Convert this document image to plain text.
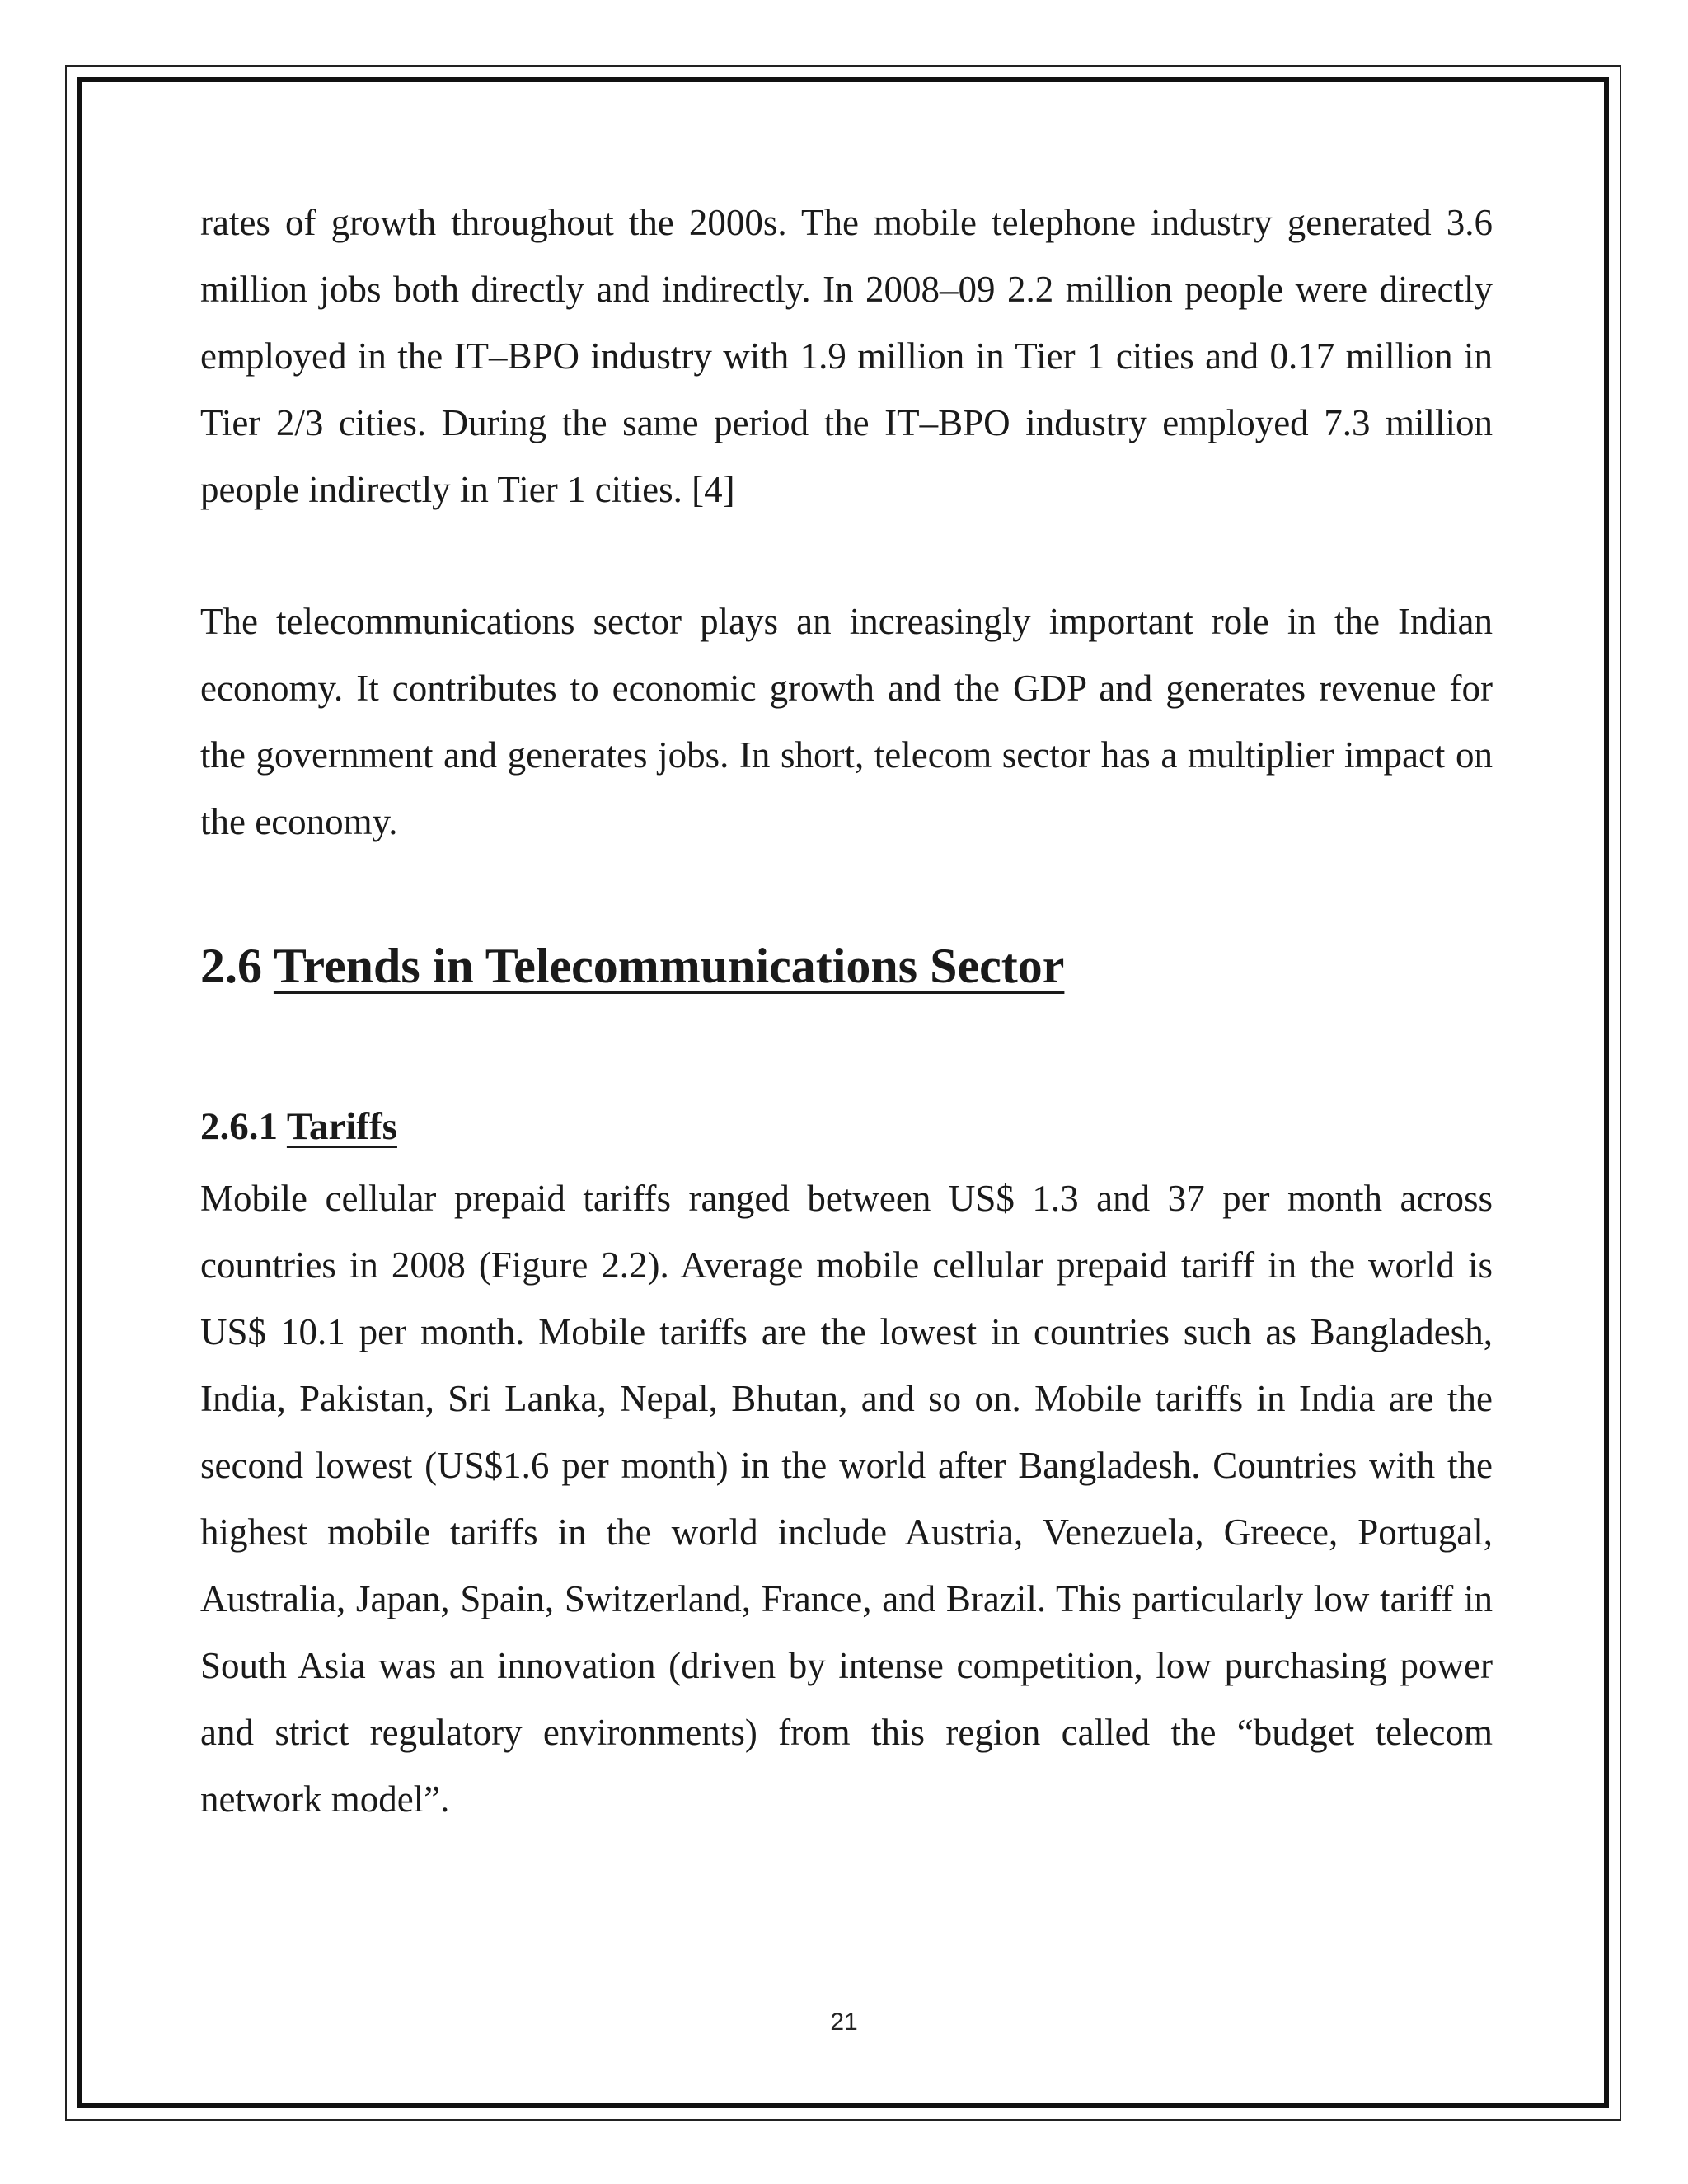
rates of growth throughout the 2000s. The mobile telephone industry generated 3.6 million jobs both directly and indirectly. In 2008–09 2.2 million people were directly employed in the IT–BPO industry with 1.9 million in Tier 1 cities and 0.17 million in Tier 2/3 cities. During the same period the IT–BPO industry employed 7.3 million people indirectly in Tier 1 cities. [4]

The telecommunications sector plays an increasingly important role in the Indian economy. It contributes to economic growth and the GDP and generates revenue for the government and generates jobs. In short, telecom sector has a multiplier impact on the economy.

2.6 Trends in Telecommunications Sector
2.6.1 Tariffs

Mobile cellular prepaid tariffs ranged between US$ 1.3 and 37 per month across countries in 2008 (Figure 2.2). Average mobile cellular prepaid tariff in the world is US$ 10.1 per month. Mobile tariffs are the lowest in countries such as Bangladesh, India, Pakistan, Sri Lanka, Nepal, Bhutan, and so on. Mobile tariffs in India are the second lowest (US$1.6 per month) in the world after Bangladesh. Countries with the highest mobile tariffs in the world include Austria, Venezuela, Greece, Portugal, Australia, Japan, Spain, Switzerland, France, and Brazil. This particularly low tariff in South Asia was an innovation (driven by intense competition, low purchasing power and strict regulatory environments) from this region called the “budget telecom network model”.

21
